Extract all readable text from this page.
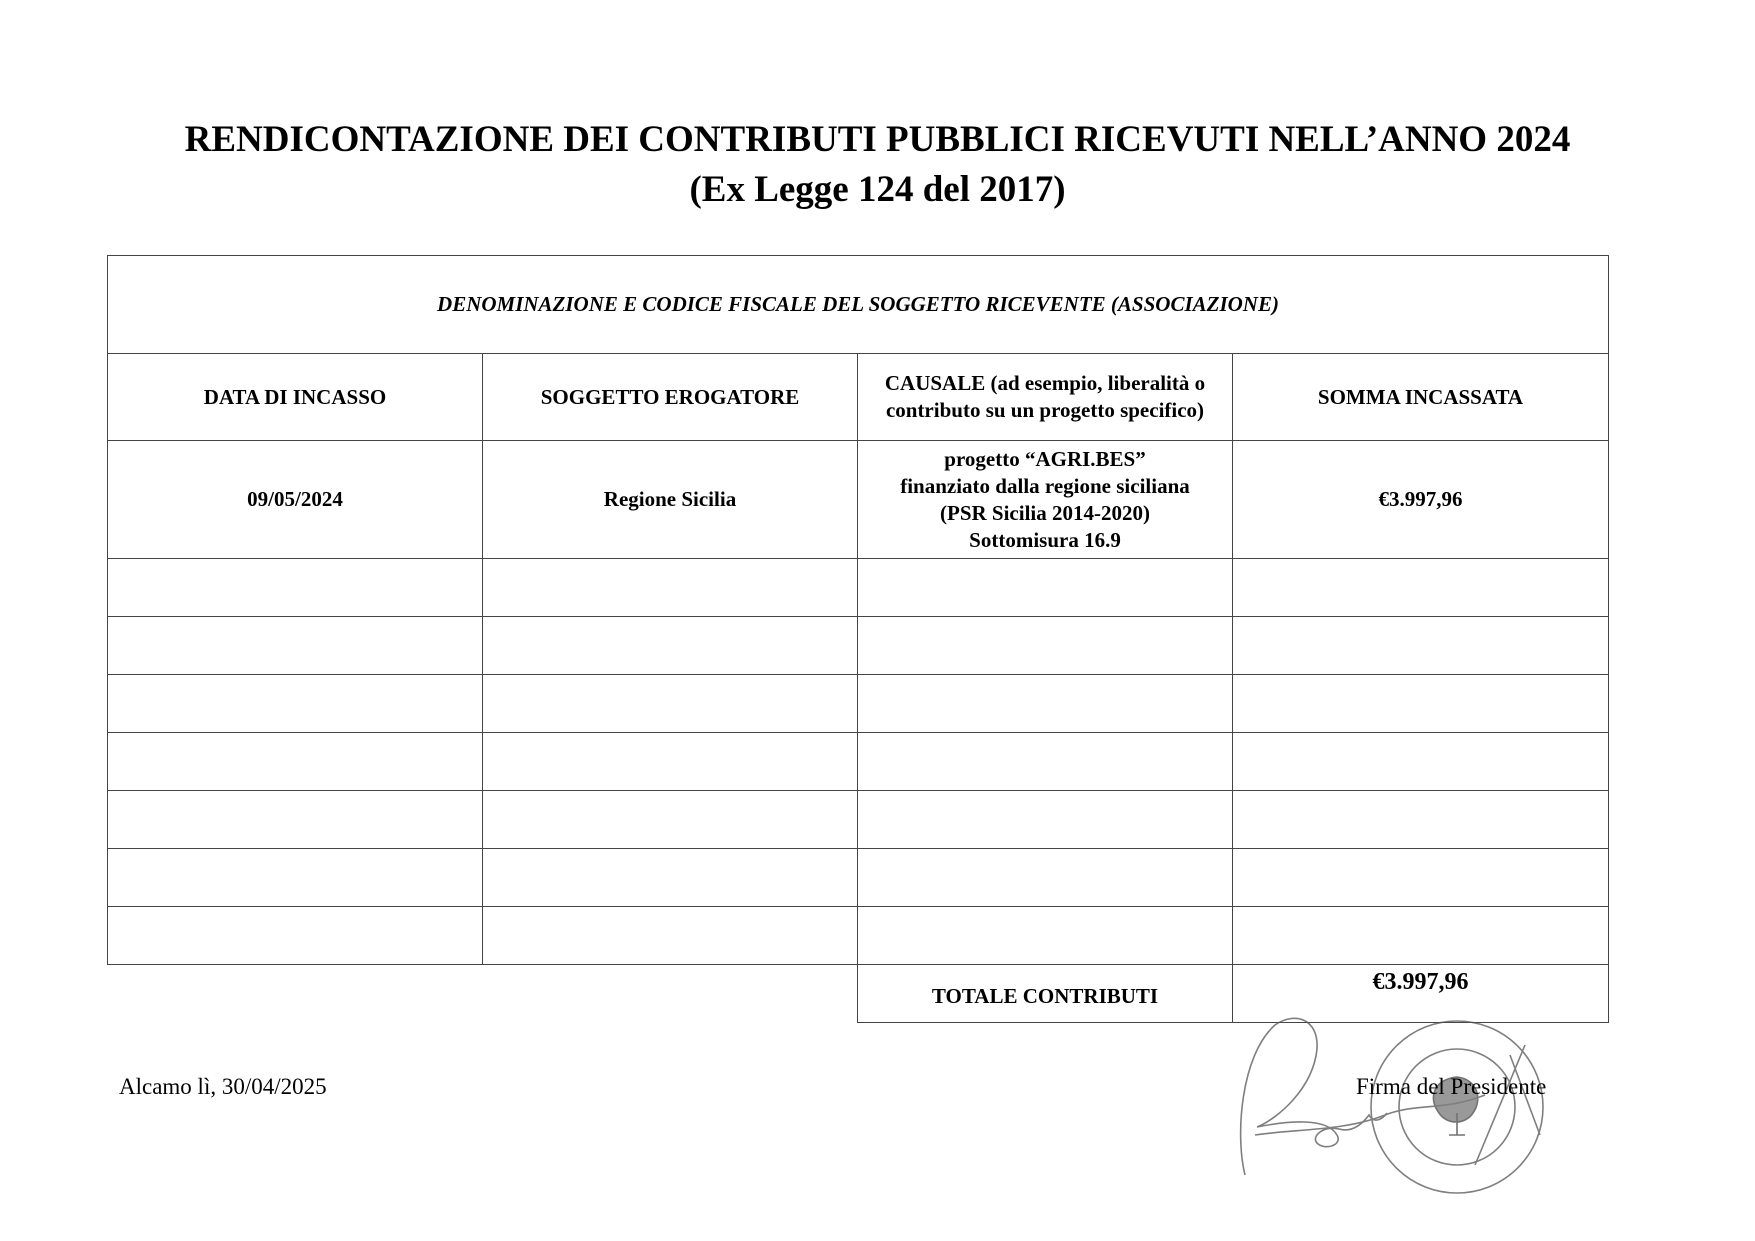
RENDICONTAZIONE DEI CONTRIBUTI PUBBLICI RICEVUTI NELL’ANNO 2024
(Ex Legge 124 del 2017)
DENOMINAZIONE E CODICE FISCALE DEL SOGGETTO RICEVENTE (ASSOCIAZIONE)			
DATA DI INCASSO	SOGGETTO EROGATORE	CAUSALE (ad esempio, liberalità o contributo su un progetto specifico)	SOMMA INCASSATA
09/05/2024	Regione Sicilia	progetto “AGRI.BES”
finanziato dalla regione siciliana
(PSR Sicilia 2014-2020)
Sottomisura 16.9	€3.997,96

		TOTALE CONTRIBUTI	€3.997,96
Alcamo lì, 30/04/2025	Firma del Presidente
